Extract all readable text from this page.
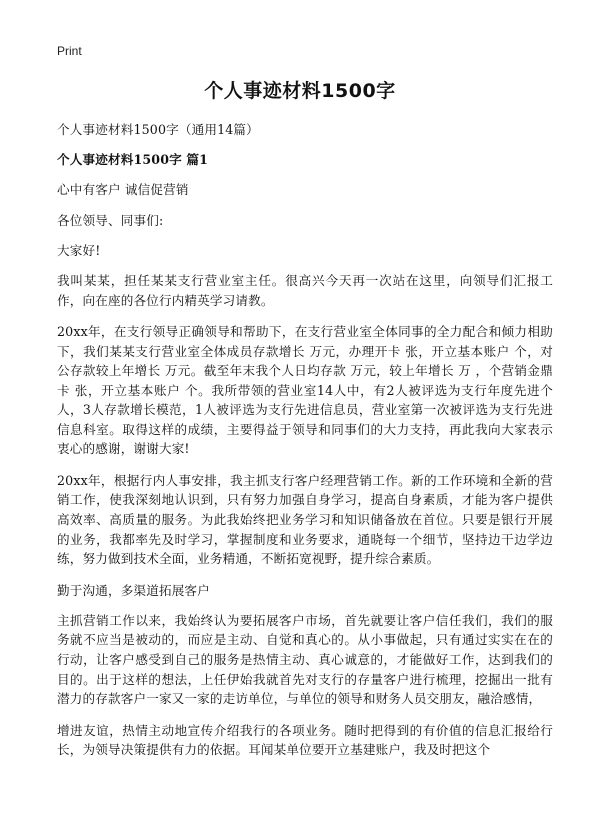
Print
个人事迹材料1500字

个人事迹材料1500字（通用14篇）

个人事迹材料1500字 篇1

心中有客户 诚信促营销

各位领导、同事们:

大家好!

我叫某某，担任某某支行营业室主任。很高兴今天再一次站在这里，向领导们汇报工作，向在座的各位行内精英学习请教。

20xx年，在支行领导正确领导和帮助下，在支行营业室全体同事的全力配合和倾力相助下，我们某某支行营业室全体成员存款增长 万元，办理开卡 张，开立基本账户 个，对公存款较上年增长 万元。截至年末我个人日均存款 万元，较上年增长 万 ，个营销金鼎卡 张，开立基本账户 个。我所带领的营业室14人中，有2人被评选为支行年度先进个人，3人存款增长模范，1人被评选为支行先进信息员，营业室第一次被评选为支行先进信息科室。取得这样的成绩，主要得益于领导和同事们的大力支持，再此我向大家表示衷心的感谢，谢谢大家!

20xx年，根据行内人事安排，我主抓支行客户经理营销工作。新的工作环境和全新的营销工作，使我深刻地认识到，只有努力加强自身学习，提高自身素质，才能为客户提供高效率、高质量的服务。为此我始终把业务学习和知识储备放在首位。只要是银行开展的业务，我都率先及时学习，掌握制度和业务要求，通晓每一个细节，坚持边干边学边练，努力做到技术全面，业务精通，不断拓宽视野，提升综合素质。

勤于沟通，多渠道拓展客户

主抓营销工作以来，我始终认为要拓展客户市场，首先就要让客户信任我们，我们的服务就不应当是被动的，而应是主动、自觉和真心的。从小事做起，只有通过实实在在的行动，让客户感受到自己的服务是热情主动、真心诚意的，才能做好工作，达到我们的目的。出于这样的想法，上任伊始我就首先对支行的存量客户进行梳理，挖掘出一批有潜力的存款客户一家又一家的走访单位，与单位的领导和财务人员交朋友，融洽感情，

增进友谊，热情主动地宣传介绍我行的各项业务。随时把得到的有价值的信息汇报给行长，为领导决策提供有力的依据。耳闻某单位要开立基建账户，我及时把这个
